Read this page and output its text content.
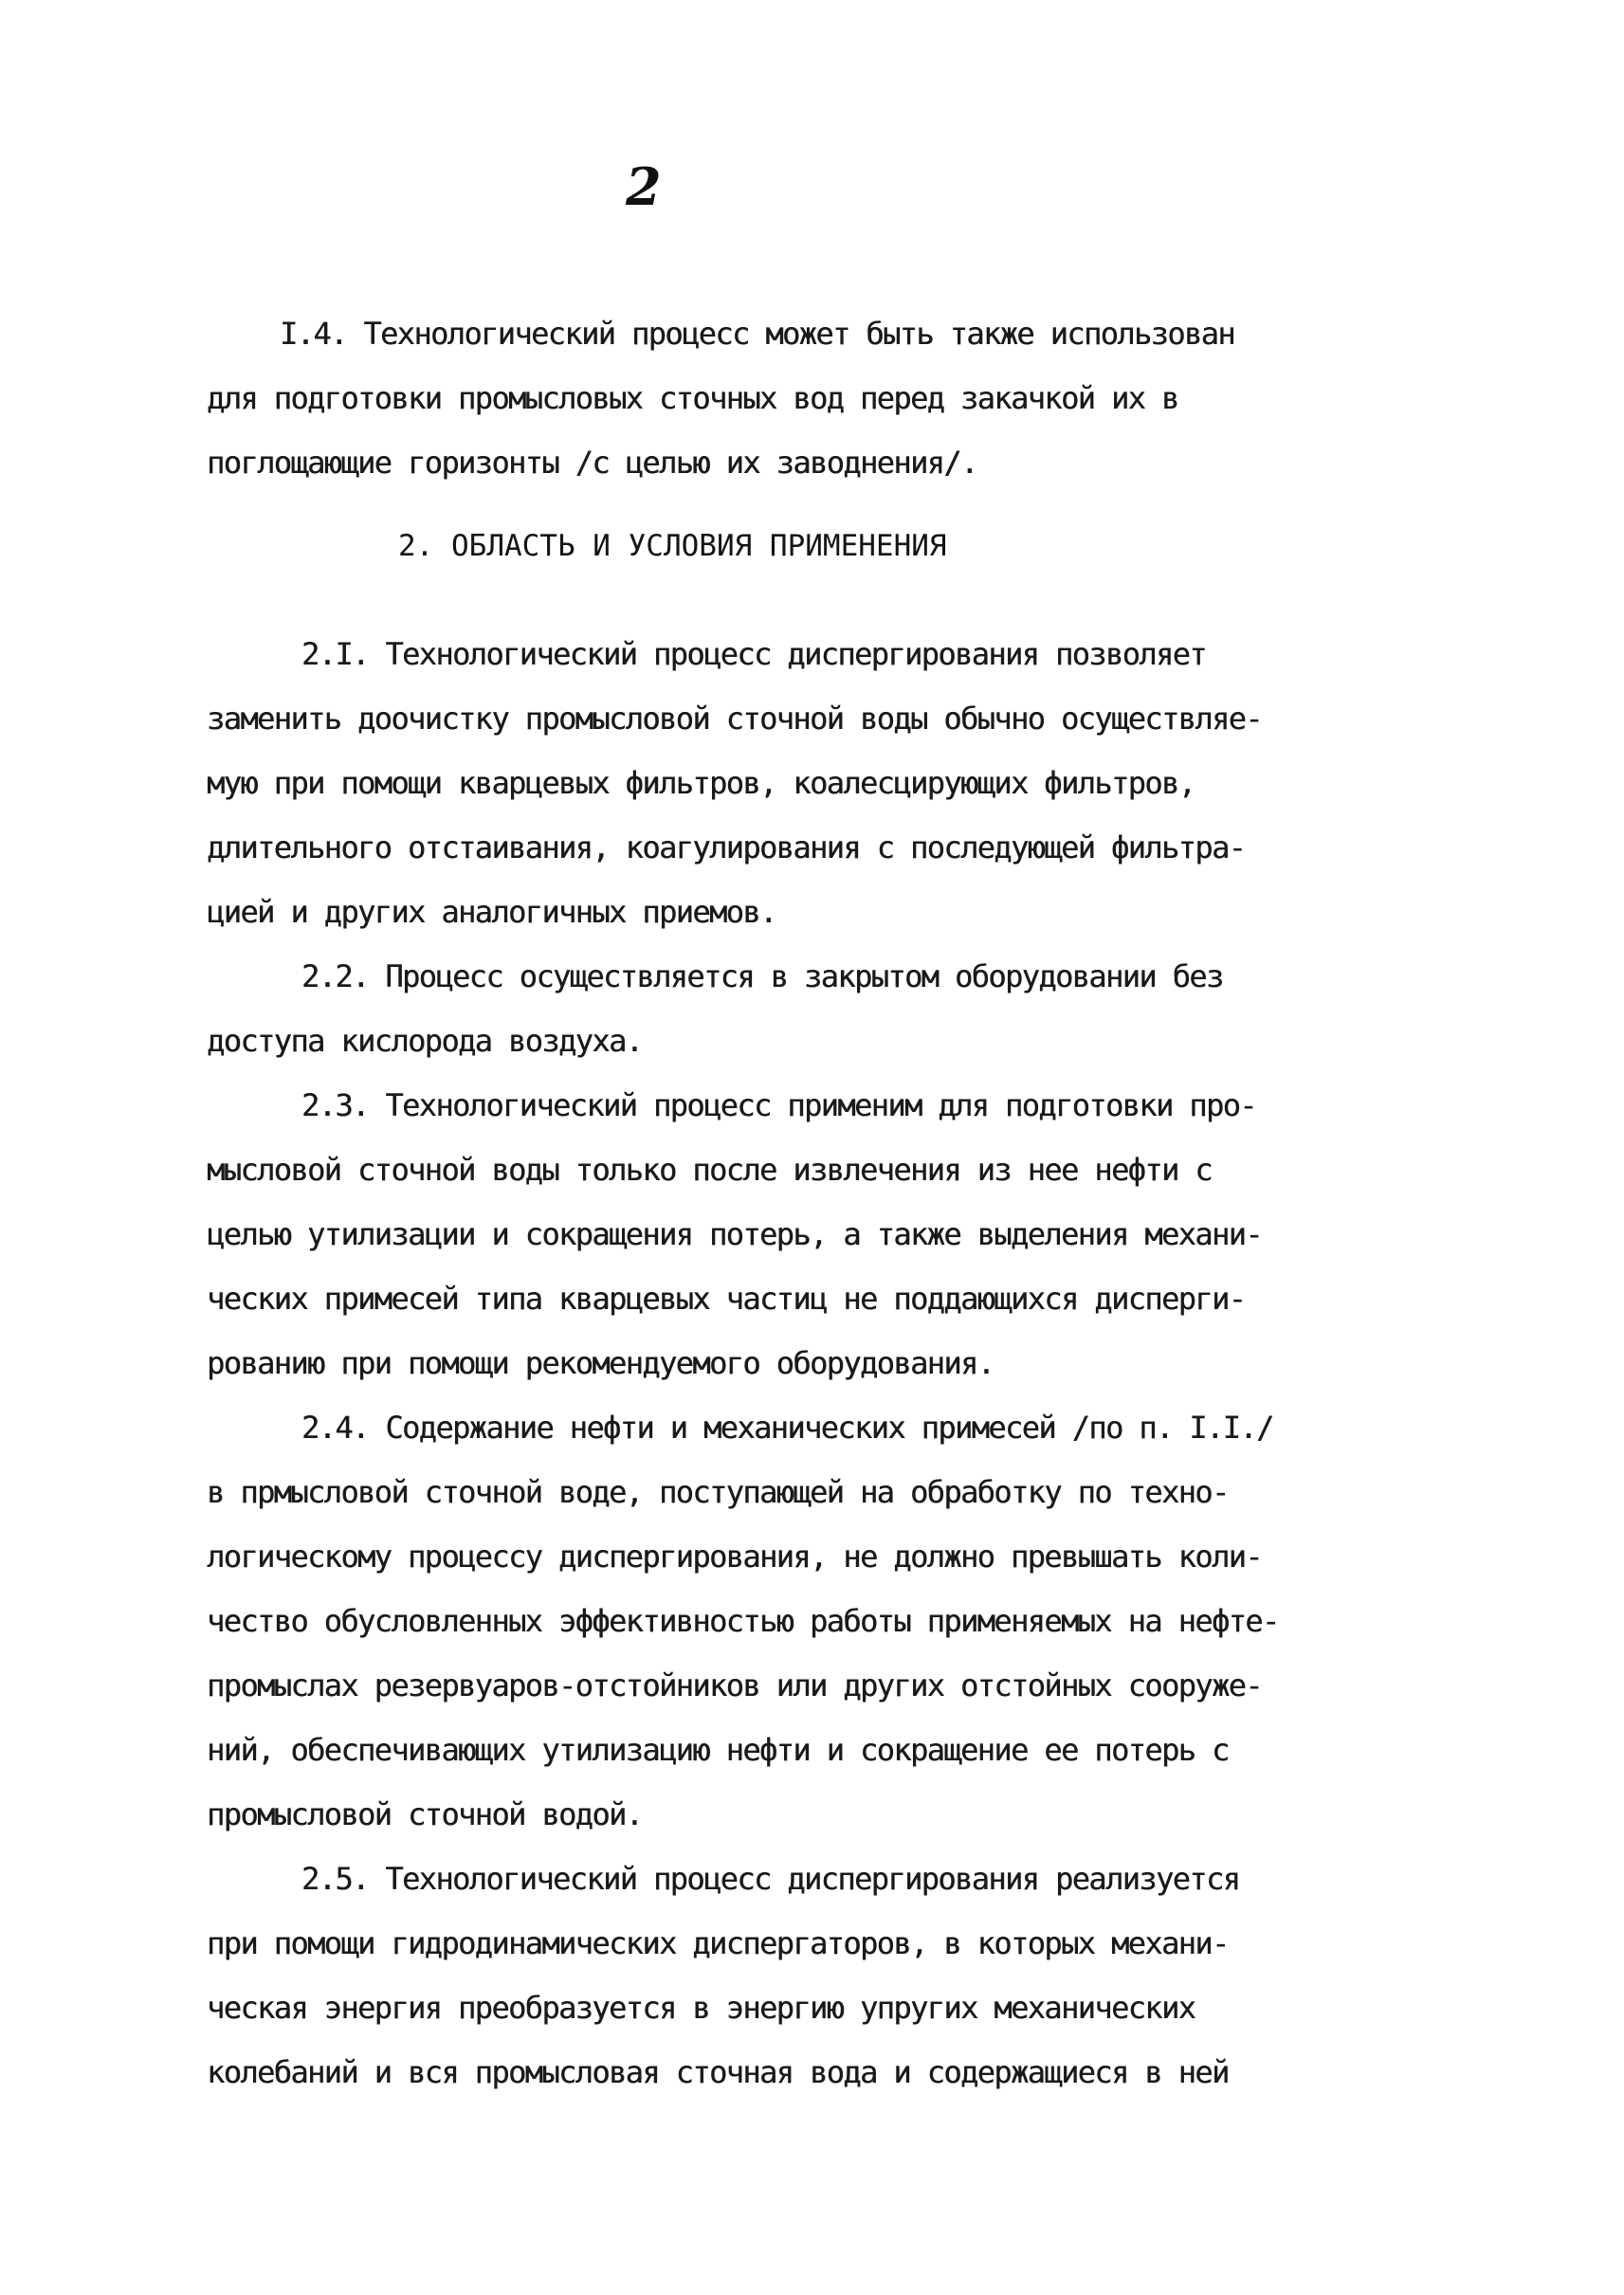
2
I.4. Технологический процесс может быть также использован
для подготовки промысловых сточных вод перед закачкой их в
поглощающие горизонты /с целью их заводнения/.
2. ОБЛАСТЬ И УСЛОВИЯ ПРИМЕНЕНИЯ
2.I. Технологический процесс диспергирования позволяет
заменить доочистку промысловой сточной воды обычно осуществляе-
мую при помощи кварцевых фильтров, коалесцирующих фильтров,
длительного отстаивания, коагулирования с последующей фильтра-
цией и других аналогичных приемов.
2.2. Процесс осуществляется в закрытом оборудовании без
доступа кислорода воздуха.
2.3. Технологический процесс применим для подготовки про-
мысловой сточной воды только после извлечения из нее нефти с
целью утилизации и сокращения потерь, а также выделения механи-
ческих примесей типа кварцевых частиц не поддающихся дисперги-
рованию при помощи рекомендуемого оборудования.
2.4. Содержание нефти и механических примесей /по п. I.I./
в прмысловой сточной воде, поступающей на обработку по техно-
логическому процессу диспергирования, не должно превышать коли-
чество обусловленных эффективностью работы применяемых на нефте-
промыслах резервуаров-отстойников или других отстойных сооруже-
ний, обеспечивающих утилизацию нефти и сокращение ее потерь с
промысловой сточной водой.
2.5. Технологический процесс диспергирования реализуется
при помощи гидродинамических диспергаторов, в которых механи-
ческая энергия преобразуется в энергию упругих механических
колебаний и вся промысловая сточная вода и содержащиеся в ней
